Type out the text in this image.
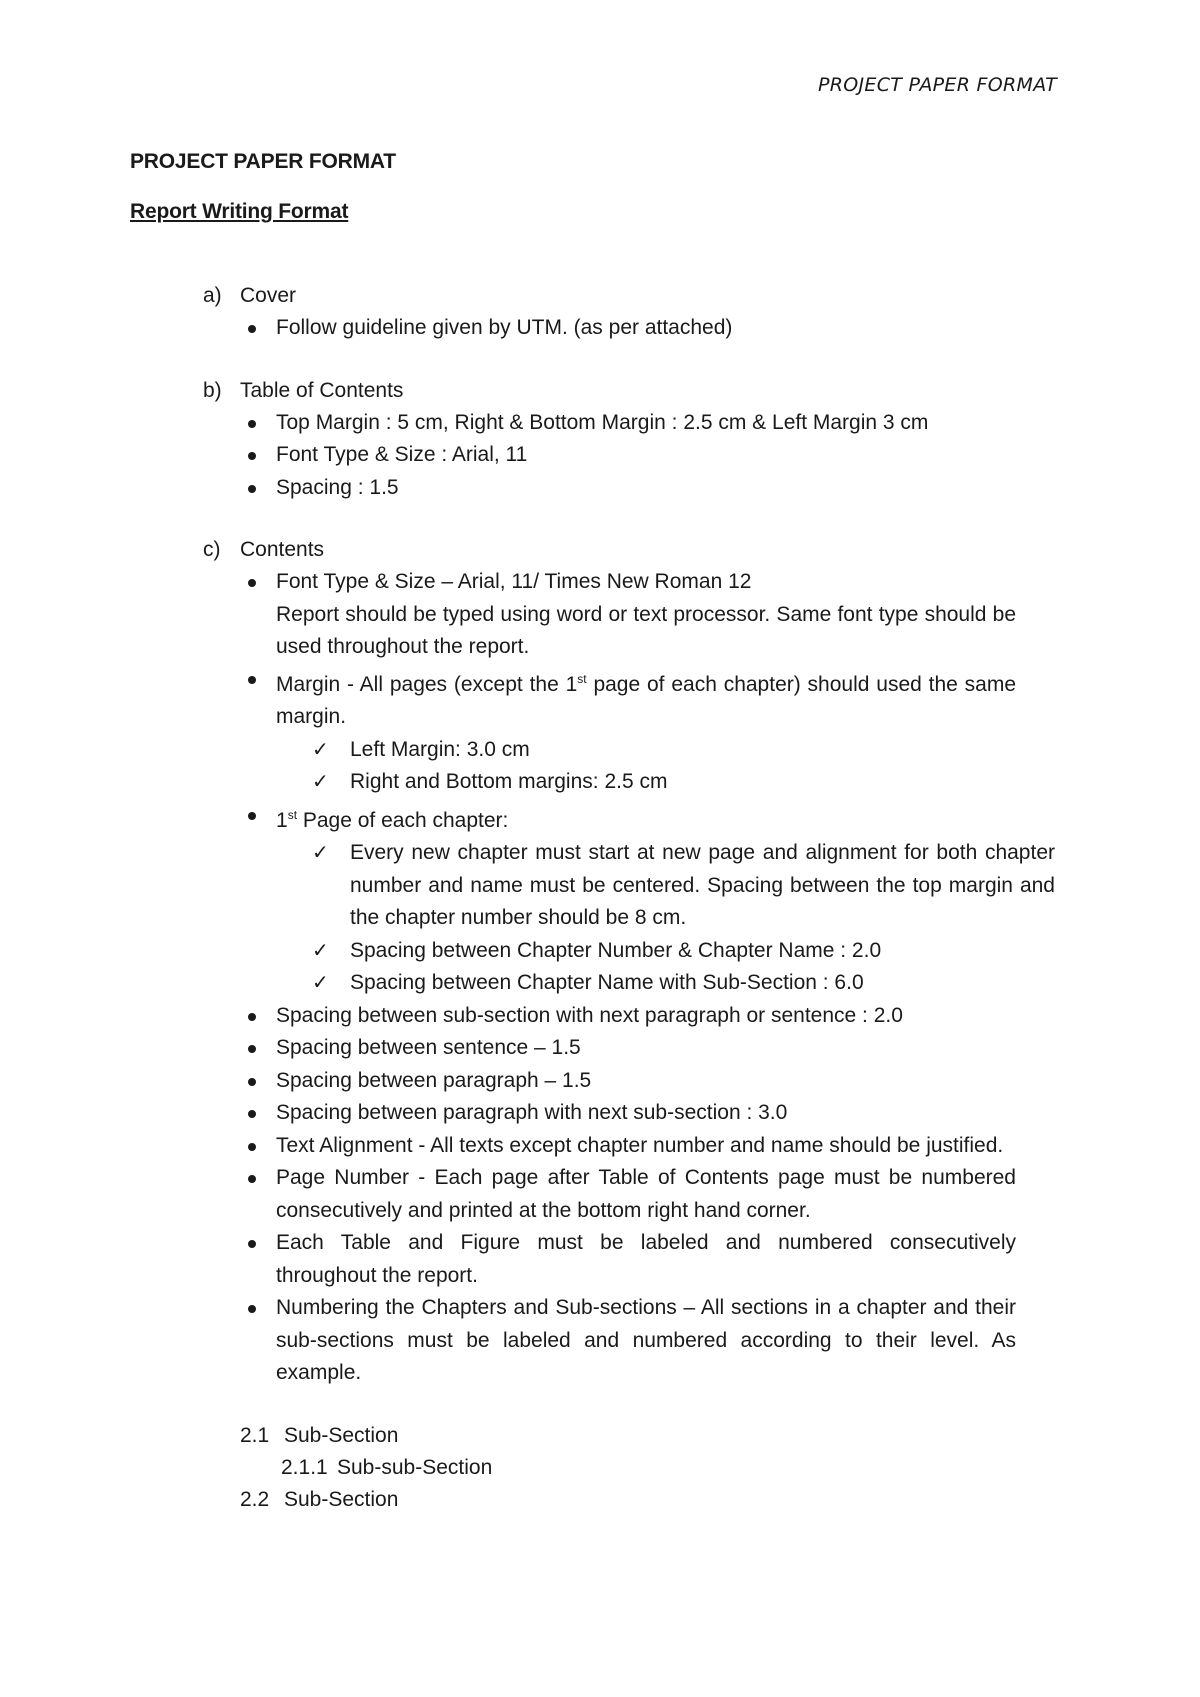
PROJECT PAPER FORMAT
PROJECT PAPER FORMAT
Report Writing Format
a) Cover
Follow guideline given by UTM. (as per attached)
b) Table of Contents
Top Margin : 5 cm, Right & Bottom Margin : 2.5 cm & Left Margin 3 cm
Font Type & Size : Arial, 11
Spacing : 1.5
c) Contents
Font Type & Size – Arial, 11/ Times New Roman 12
Report should be typed using word or text processor. Same font type should be used throughout the report.
Margin - All pages (except the 1st page of each chapter) should used the same margin.
✓ Left Margin: 3.0 cm
✓ Right and Bottom margins: 2.5 cm
1st Page of each chapter:
✓ Every new chapter must start at new page and alignment for both chapter number and name must be centered. Spacing between the top margin and the chapter number should be 8 cm.
✓ Spacing between Chapter Number & Chapter Name : 2.0
✓ Spacing between Chapter Name with Sub-Section : 6.0
Spacing between sub-section with next paragraph or sentence : 2.0
Spacing between sentence – 1.5
Spacing between paragraph – 1.5
Spacing between paragraph with next sub-section : 3.0
Text Alignment - All texts except chapter number and name should be justified.
Page Number - Each page after Table of Contents page must be numbered consecutively and printed at the bottom right hand corner.
Each Table and Figure must be labeled and numbered consecutively throughout the report.
Numbering the Chapters and Sub-sections – All sections in a chapter and their sub-sections must be labeled and numbered according to their level. As example.
2.1 Sub-Section
2.1.1 Sub-sub-Section
2.2 Sub-Section
